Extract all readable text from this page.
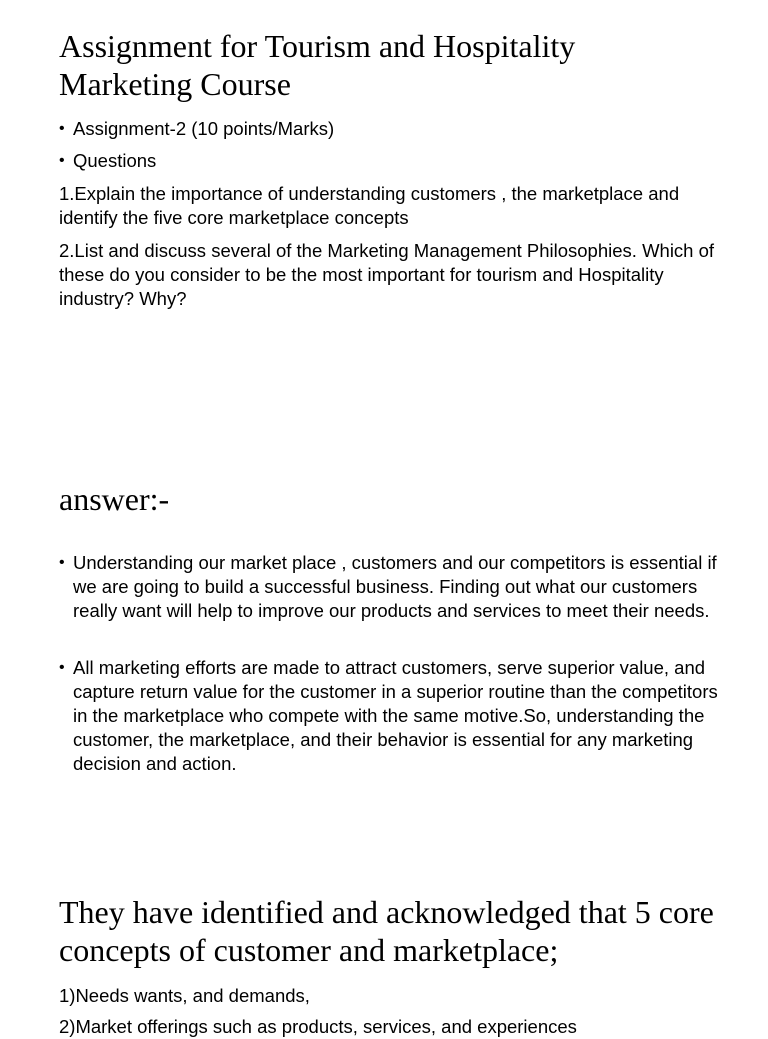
Assignment for Tourism and Hospitality Marketing Course
• Assignment-2 (10 points/Marks)
• Questions

1.Explain the importance of understanding customers , the marketplace and identify the five core marketplace concepts

2.List and discuss several of the Marketing Management Philosophies. Which of these do you consider to be the most important for tourism and Hospitality industry? Why?

answer:-
• Understanding our market place , customers and our competitors is essential if we are going to build a successful business. Finding out what our customers really want will help to improve our products and services to meet their needs.
• All marketing efforts are made to attract customers, serve superior value, and capture return value for the customer in a superior routine than the competitors in the marketplace who compete with the same motive.So, understanding the customer, the marketplace, and their behavior is essential for any marketing decision and action.
They have identified and acknowledged that 5 core concepts of customer and marketplace;

1)Needs wants, and demands,

2)Market offerings such as products, services, and experiences
